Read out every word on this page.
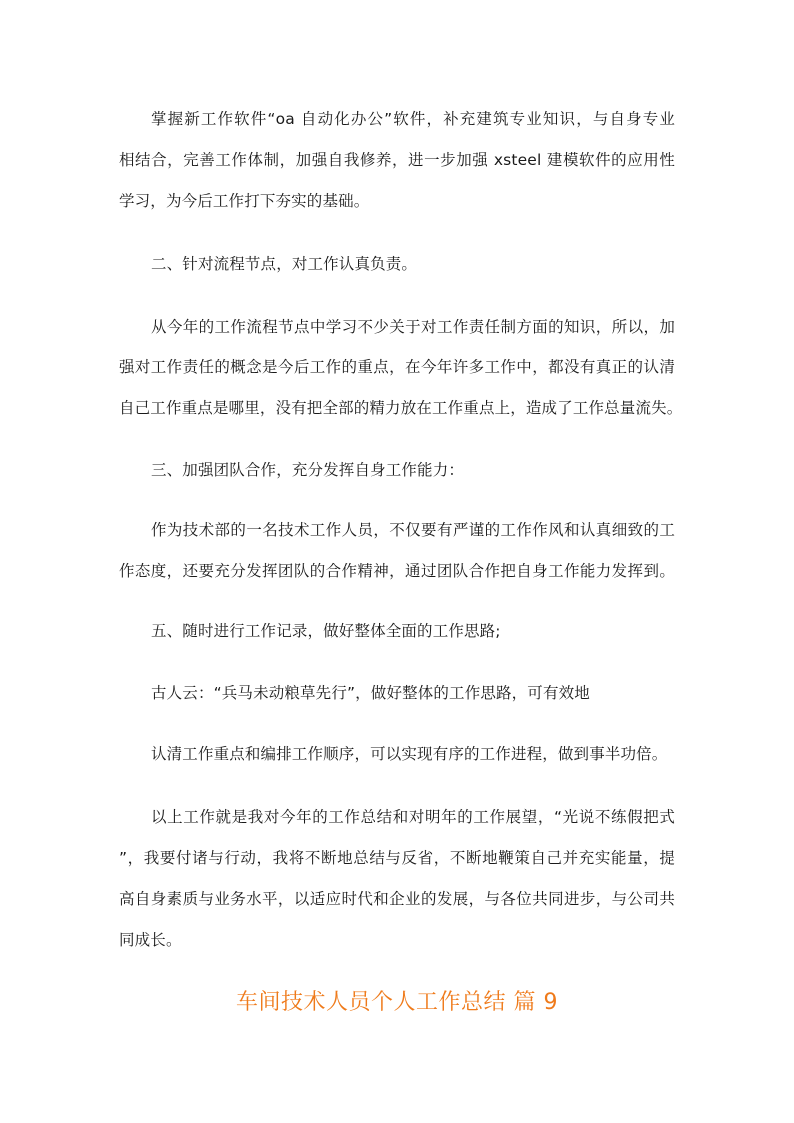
掌握新工作软件“oa 自动化办公”软件，补充建筑专业知识，与自身专业
相结合，完善工作体制，加强自我修养，进一步加强 xsteel 建模软件的应用性
学习，为今后工作打下夯实的基础。
二、针对流程节点，对工作认真负责。
从今年的工作流程节点中学习不少关于对工作责任制方面的知识，所以，加
强对工作责任的概念是今后工作的重点，在今年许多工作中，都没有真正的认清
自己工作重点是哪里，没有把全部的精力放在工作重点上，造成了工作总量流失。
三、加强团队合作，充分发挥自身工作能力：
作为技术部的一名技术工作人员，不仅要有严谨的工作作风和认真细致的工
作态度，还要充分发挥团队的合作精神，通过团队合作把自身工作能力发挥到。
五、随时进行工作记录，做好整体全面的工作思路;
古人云：“兵马未动粮草先行”，做好整体的工作思路，可有效地
认清工作重点和编排工作顺序，可以实现有序的工作进程，做到事半功倍。
以上工作就是我对今年的工作总结和对明年的工作展望，“光说不练假把式
”，我要付诸与行动，我将不断地总结与反省，不断地鞭策自己并充实能量，提
高自身素质与业务水平，以适应时代和企业的发展，与各位共同进步，与公司共
同成长。
车间技术人员个人工作总结 篇 9
